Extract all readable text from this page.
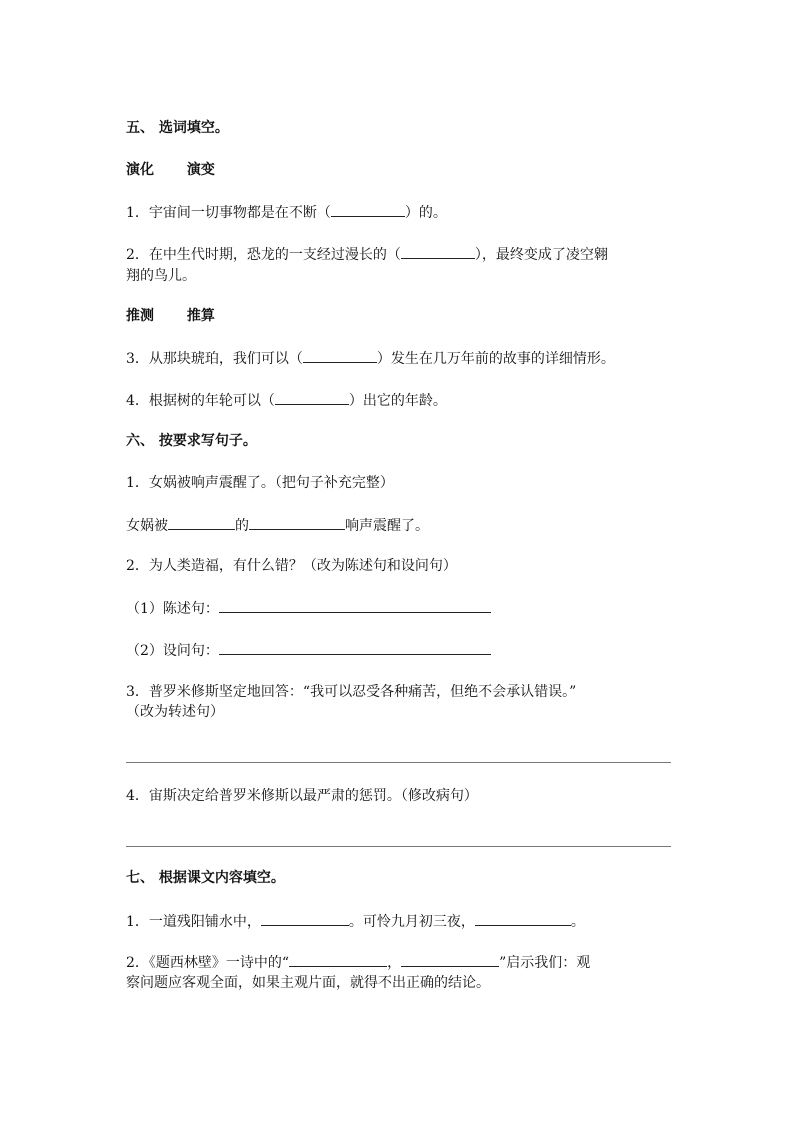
五、 选词填空。
演化 演变
1．宇宙间一切事物都是在不断（	）的。
2．在中生代时期，恐龙的一支经过漫长的（	），最终变成了凌空翱
翔的鸟儿。
推测 推算
3．从那块琥珀，我们可以（	）发生在几万年前的故事的详细情形。
4．根据树的年轮可以（	）出它的年龄。
六、 按要求写句子。
1．女娲被响声震醒了。（把句子补充完整）
女娲被	的	响声震醒了。
2．为人类造福，有什么错？（改为陈述句和设问句）
（1）陈述句：
（2）设问句：
3．普罗米修斯坚定地回答：“我可以忍受各种痛苦，但绝不会承认错误。”
（改为转述句）
4．宙斯决定给普罗米修斯以最严肃的惩罚。（修改病句）
七、 根据课文内容填空。
1．一道残阳铺水中，	。可怜九月初三夜，	。
2．《题西林壁》一诗中的“	，	”启示我们：观
察问题应客观全面，如果主观片面，就得不出正确的结论。
